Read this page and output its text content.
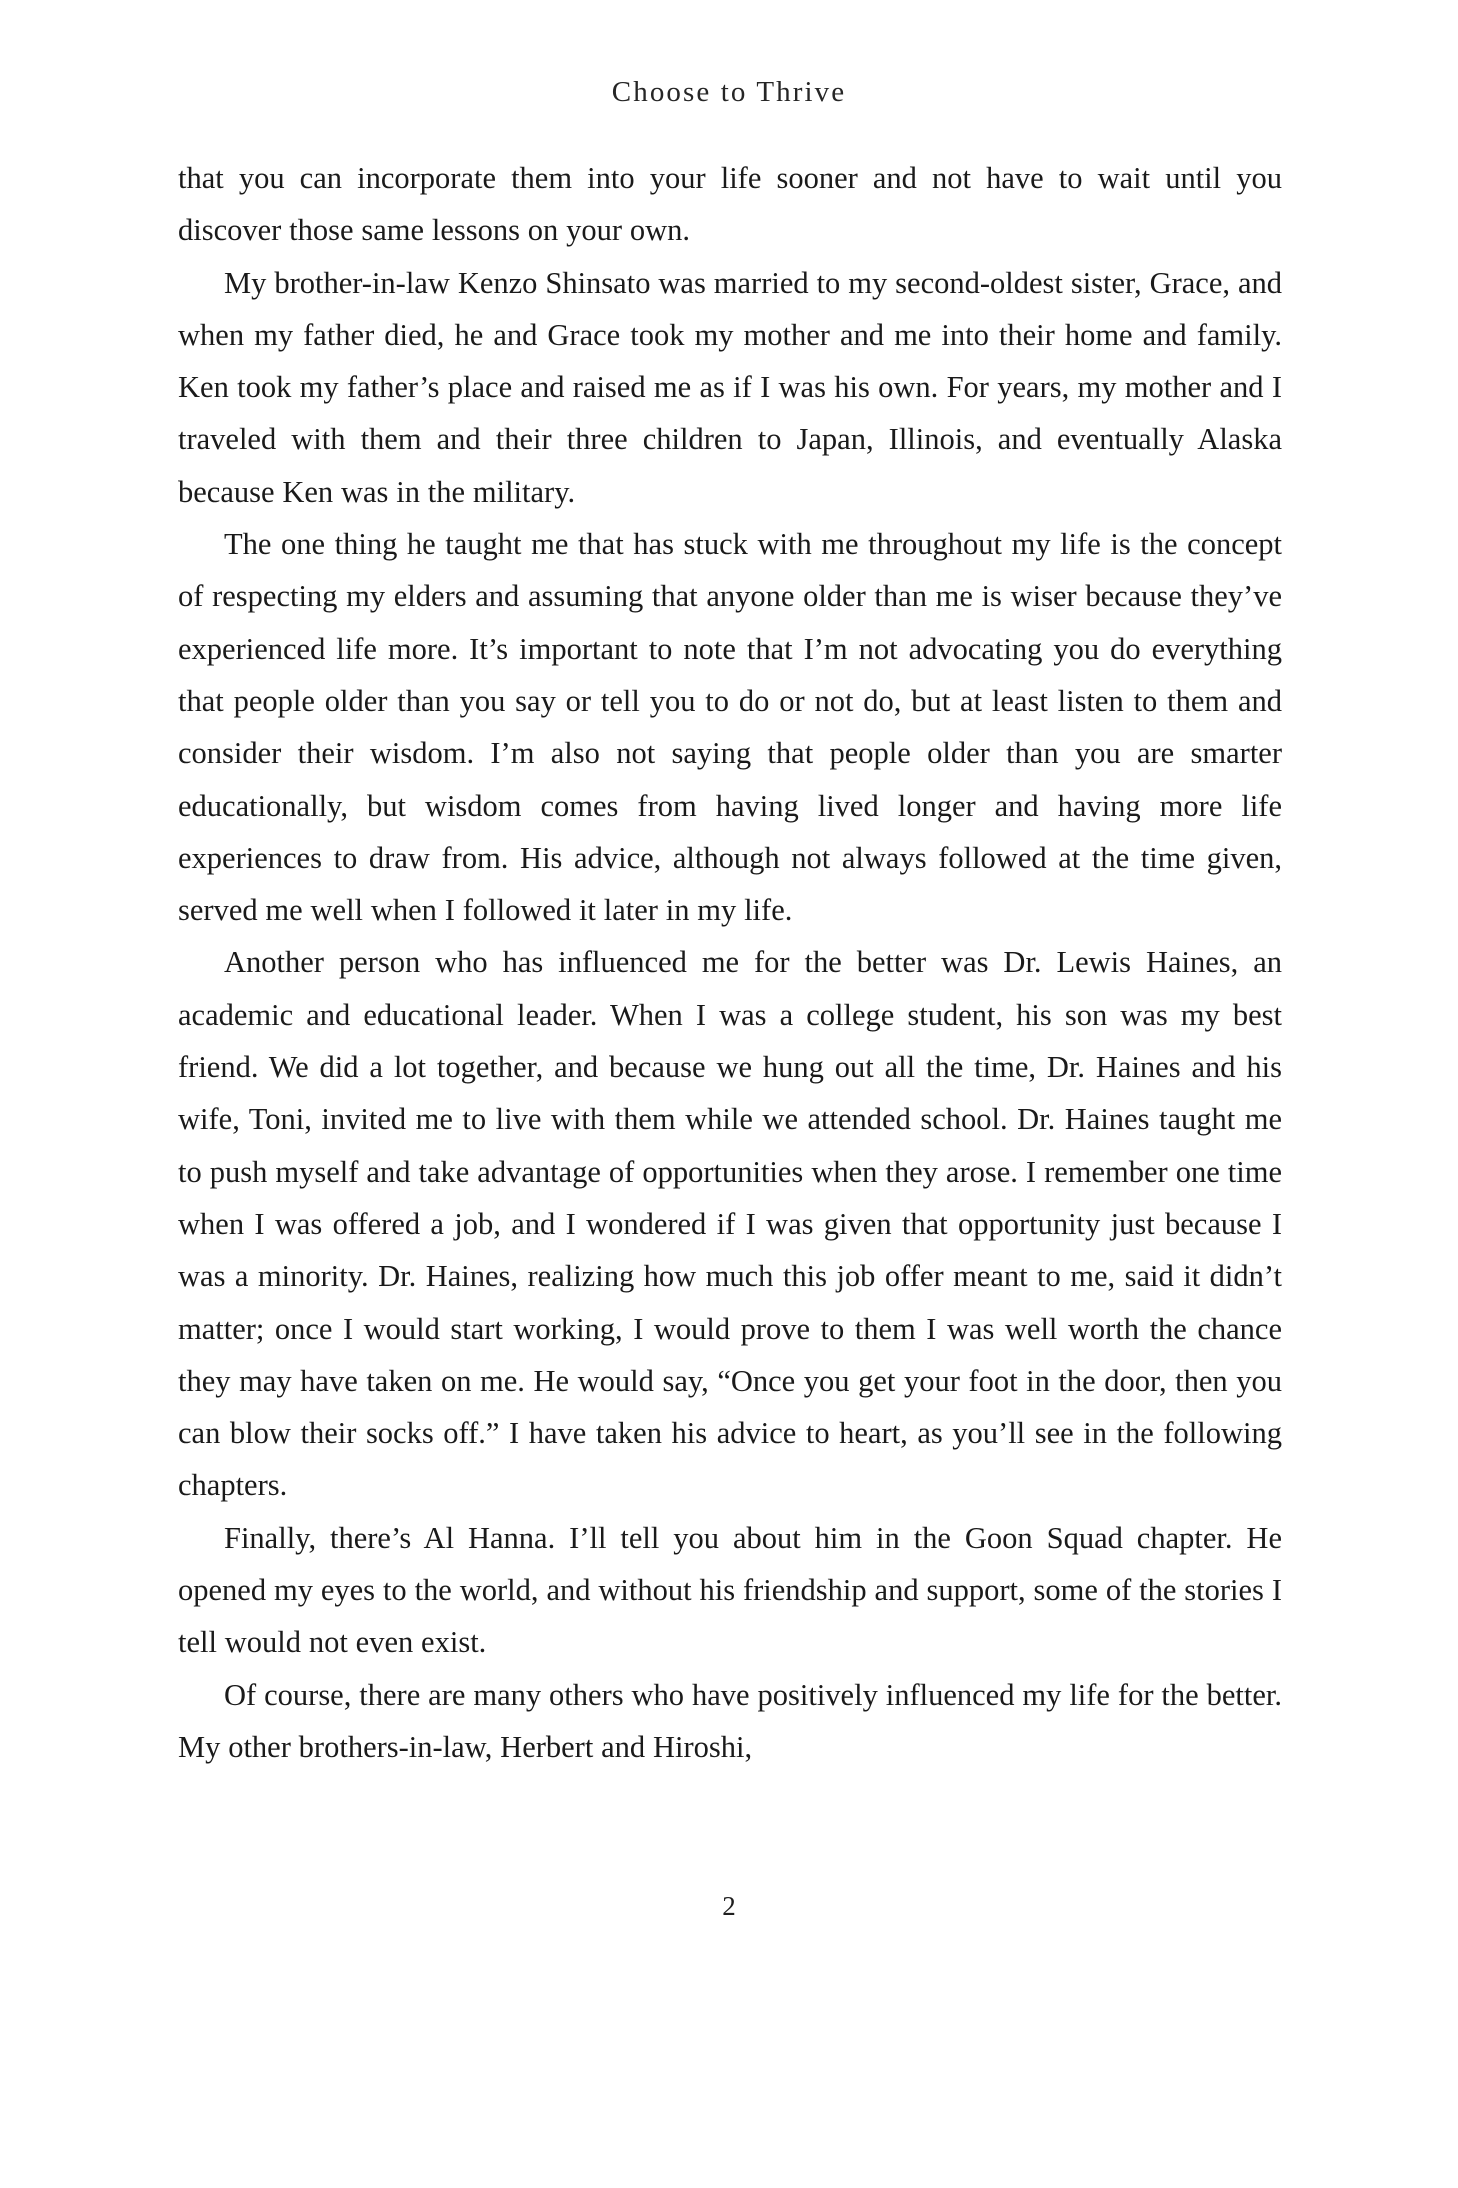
Choose to Thrive

that you can incorporate them into your life sooner and not have to wait until you discover those same lessons on your own.

My brother-in-law Kenzo Shinsato was married to my second-oldest sister, Grace, and when my father died, he and Grace took my mother and me into their home and family. Ken took my father’s place and raised me as if I was his own. For years, my mother and I traveled with them and their three children to Japan, Illinois, and eventually Alaska because Ken was in the military.

The one thing he taught me that has stuck with me throughout my life is the concept of respecting my elders and assuming that anyone older than me is wiser because they’ve experienced life more. It’s important to note that I’m not advocating you do everything that people older than you say or tell you to do or not do, but at least listen to them and consider their wisdom. I’m also not saying that people older than you are smarter educationally, but wisdom comes from having lived longer and having more life experiences to draw from. His advice, although not always followed at the time given, served me well when I followed it later in my life.

Another person who has influenced me for the better was Dr. Lewis Haines, an academic and educational leader. When I was a college student, his son was my best friend. We did a lot together, and because we hung out all the time, Dr. Haines and his wife, Toni, invited me to live with them while we attended school. Dr. Haines taught me to push myself and take advantage of opportunities when they arose. I remember one time when I was offered a job, and I wondered if I was given that opportunity just because I was a minority. Dr. Haines, realizing how much this job offer meant to me, said it didn’t matter; once I would start working, I would prove to them I was well worth the chance they may have taken on me. He would say, “Once you get your foot in the door, then you can blow their socks off.” I have taken his advice to heart, as you’ll see in the following chapters.

Finally, there’s Al Hanna. I’ll tell you about him in the Goon Squad chapter. He opened my eyes to the world, and without his friendship and support, some of the stories I tell would not even exist.

Of course, there are many others who have positively influenced my life for the better. My other brothers-in-law, Herbert and Hiroshi,

2
